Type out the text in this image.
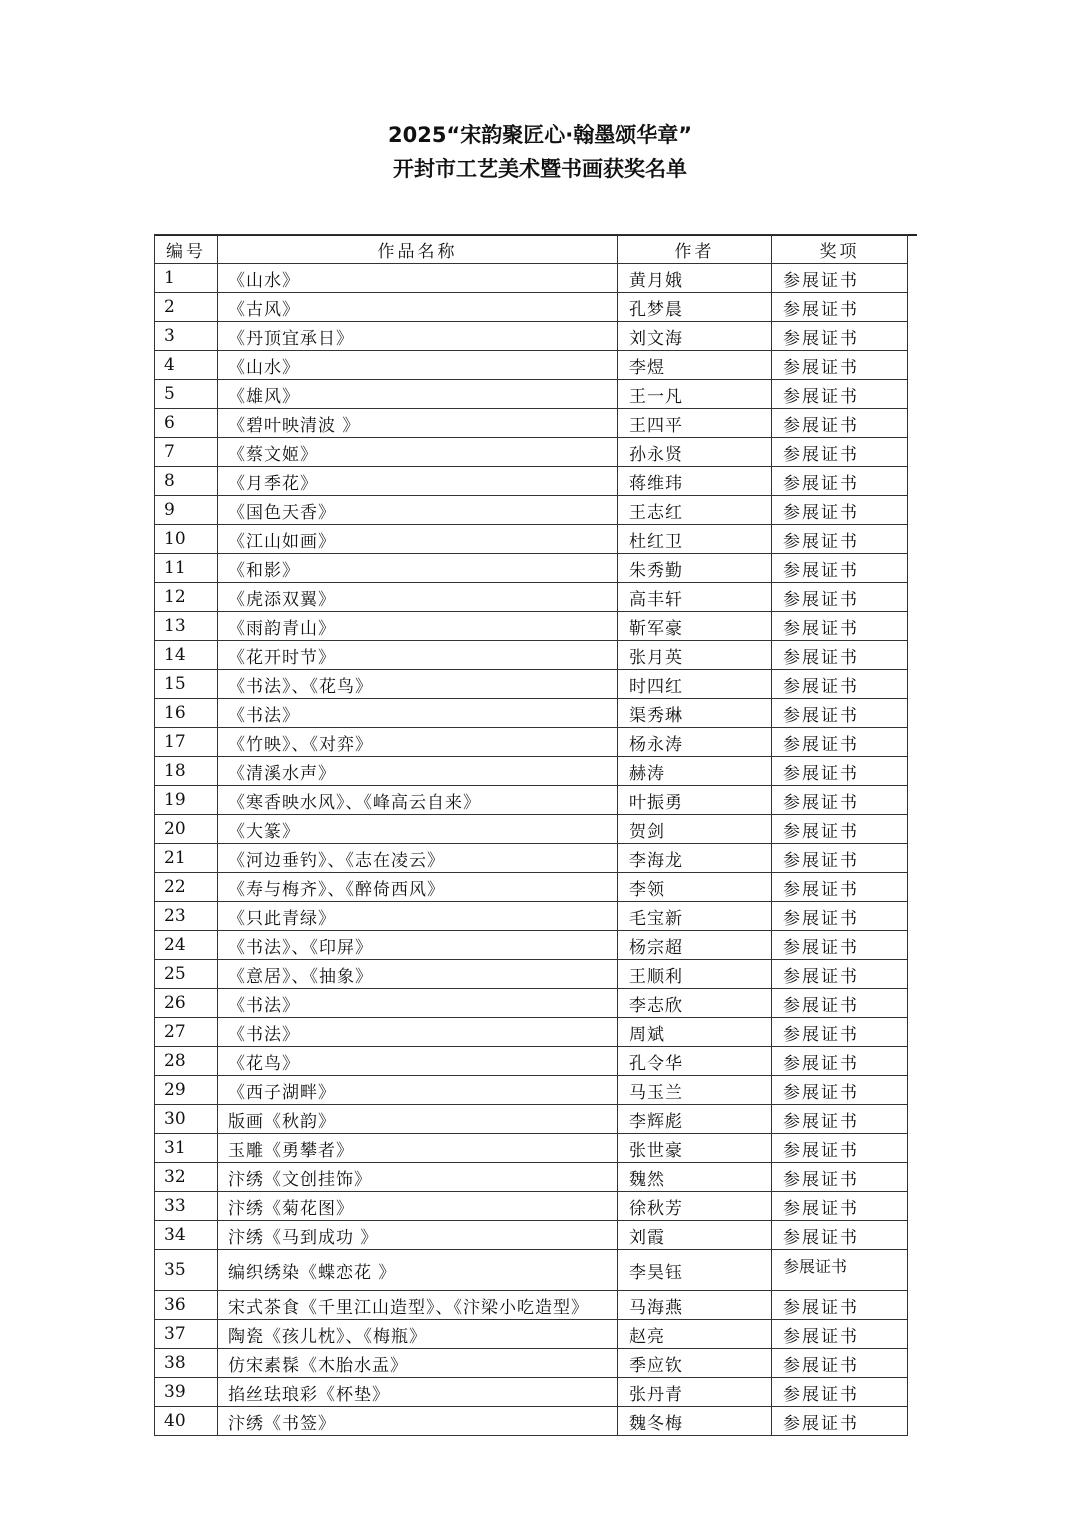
2025“宋韵聚匠心·翰墨颂华章”
开封市工艺美术暨书画获奖名单
编号	作品名称	作者	奖项
1	《山水》	黄月娥	参展证书
2	《古风》	孔梦晨	参展证书
3	《丹顶宜承日》	刘文海	参展证书
4	《山水》	李煜	参展证书
5	《雄风》	王一凡	参展证书
6	《碧叶映清波 》	王四平	参展证书
7	《蔡文姬》	孙永贤	参展证书
8	《月季花》	蒋维玮	参展证书
9	《国色天香》	王志红	参展证书
10	《江山如画》	杜红卫	参展证书
11	《和影》	朱秀勤	参展证书
12	《虎添双翼》	高丰轩	参展证书
13	《雨韵青山》	靳军豪	参展证书
14	《花开时节》	张月英	参展证书
15	《书法》、《花鸟》	时四红	参展证书
16	《书法》	渠秀琳	参展证书
17	《竹映》、《对弈》	杨永涛	参展证书
18	《清溪水声》	赫涛	参展证书
19	《寒香映水风》、《峰高云自来》	叶振勇	参展证书
20	《大篆》	贺剑	参展证书
21	《河边垂钓》、《志在凌云》	李海龙	参展证书
22	《寿与梅齐》、《醉倚西风》	李领	参展证书
23	《只此青绿》	毛宝新	参展证书
24	《书法》、《印屏》	杨宗超	参展证书
25	《意居》、《抽象》	王顺利	参展证书
26	《书法》	李志欣	参展证书
27	《书法》	周斌	参展证书
28	《花鸟》	孔令华	参展证书
29	《西子湖畔》	马玉兰	参展证书
30	版画《秋韵》	李辉彪	参展证书
31	玉雕《勇攀者》	张世豪	参展证书
32	汴绣《文创挂饰》	魏然	参展证书
33	汴绣《菊花图》	徐秋芳	参展证书
34	汴绣《马到成功 》	刘霞	参展证书
35	编织绣染《蝶恋花 》	李昊钰	参展证书
36	宋式茶食《千里江山造型》、《汴梁小吃造型》	马海燕	参展证书
37	陶瓷《孩儿枕》、《梅瓶》	赵亮	参展证书
38	仿宋素髹《木胎水盂》	季应钦	参展证书
39	掐丝珐琅彩《杯垫》	张丹青	参展证书
40	汴绣《书签》	魏冬梅	参展证书
